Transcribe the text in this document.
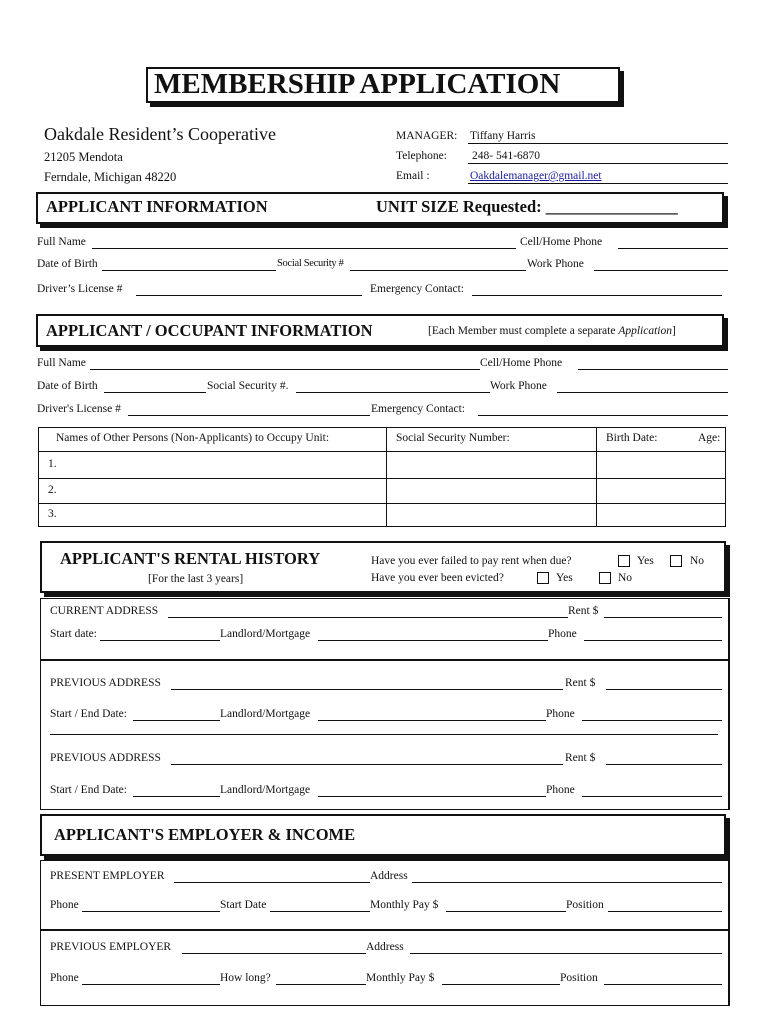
MEMBERSHIP APPLICATION
Oakdale Resident’s Cooperative
21205 Mendota
Ferndale, Michigan 48220
MANAGER: Tiffany Harris
Telephone: 248- 541-6870
Email :	Oakdalemanager@gmail.net
APPLICANT INFORMATION	UNIT SIZE Requested: ________________
Full Name	Cell/Home Phone
Date of Birth	Social Security #	Work Phone
Driver’s License #	Emergency Contact:
APPLICANT / OCCUPANT INFORMATION	[Each Member must complete a separate Application]
Full Name	Cell/Home Phone
Date of Birth	Social Security #.	Work Phone
Driver's License #	Emergency Contact:
Names of Other Persons (Non-Applicants) to Occupy Unit:	Social Security Number:	Birth Date:	Age:
1.
2.
3.
APPLICANT'S RENTAL HISTORY
[For the last 3 years]
Have you ever failed to pay rent when due?	Yes	No
Have you ever been evicted?	Yes	No
CURRENT ADDRESS	Rent $
Start date:	Landlord/Mortgage	Phone
PREVIOUS ADDRESS	Rent $
Start / End Date:	Landlord/Mortgage	Phone
PREVIOUS ADDRESS	Rent $
Start / End Date:	Landlord/Mortgage	Phone
APPLICANT'S EMPLOYER & INCOME
PRESENT EMPLOYER	Address
Phone	Start Date	Monthly Pay $	Position
PREVIOUS EMPLOYER	Address
Phone	How long?	Monthly Pay $	Position
